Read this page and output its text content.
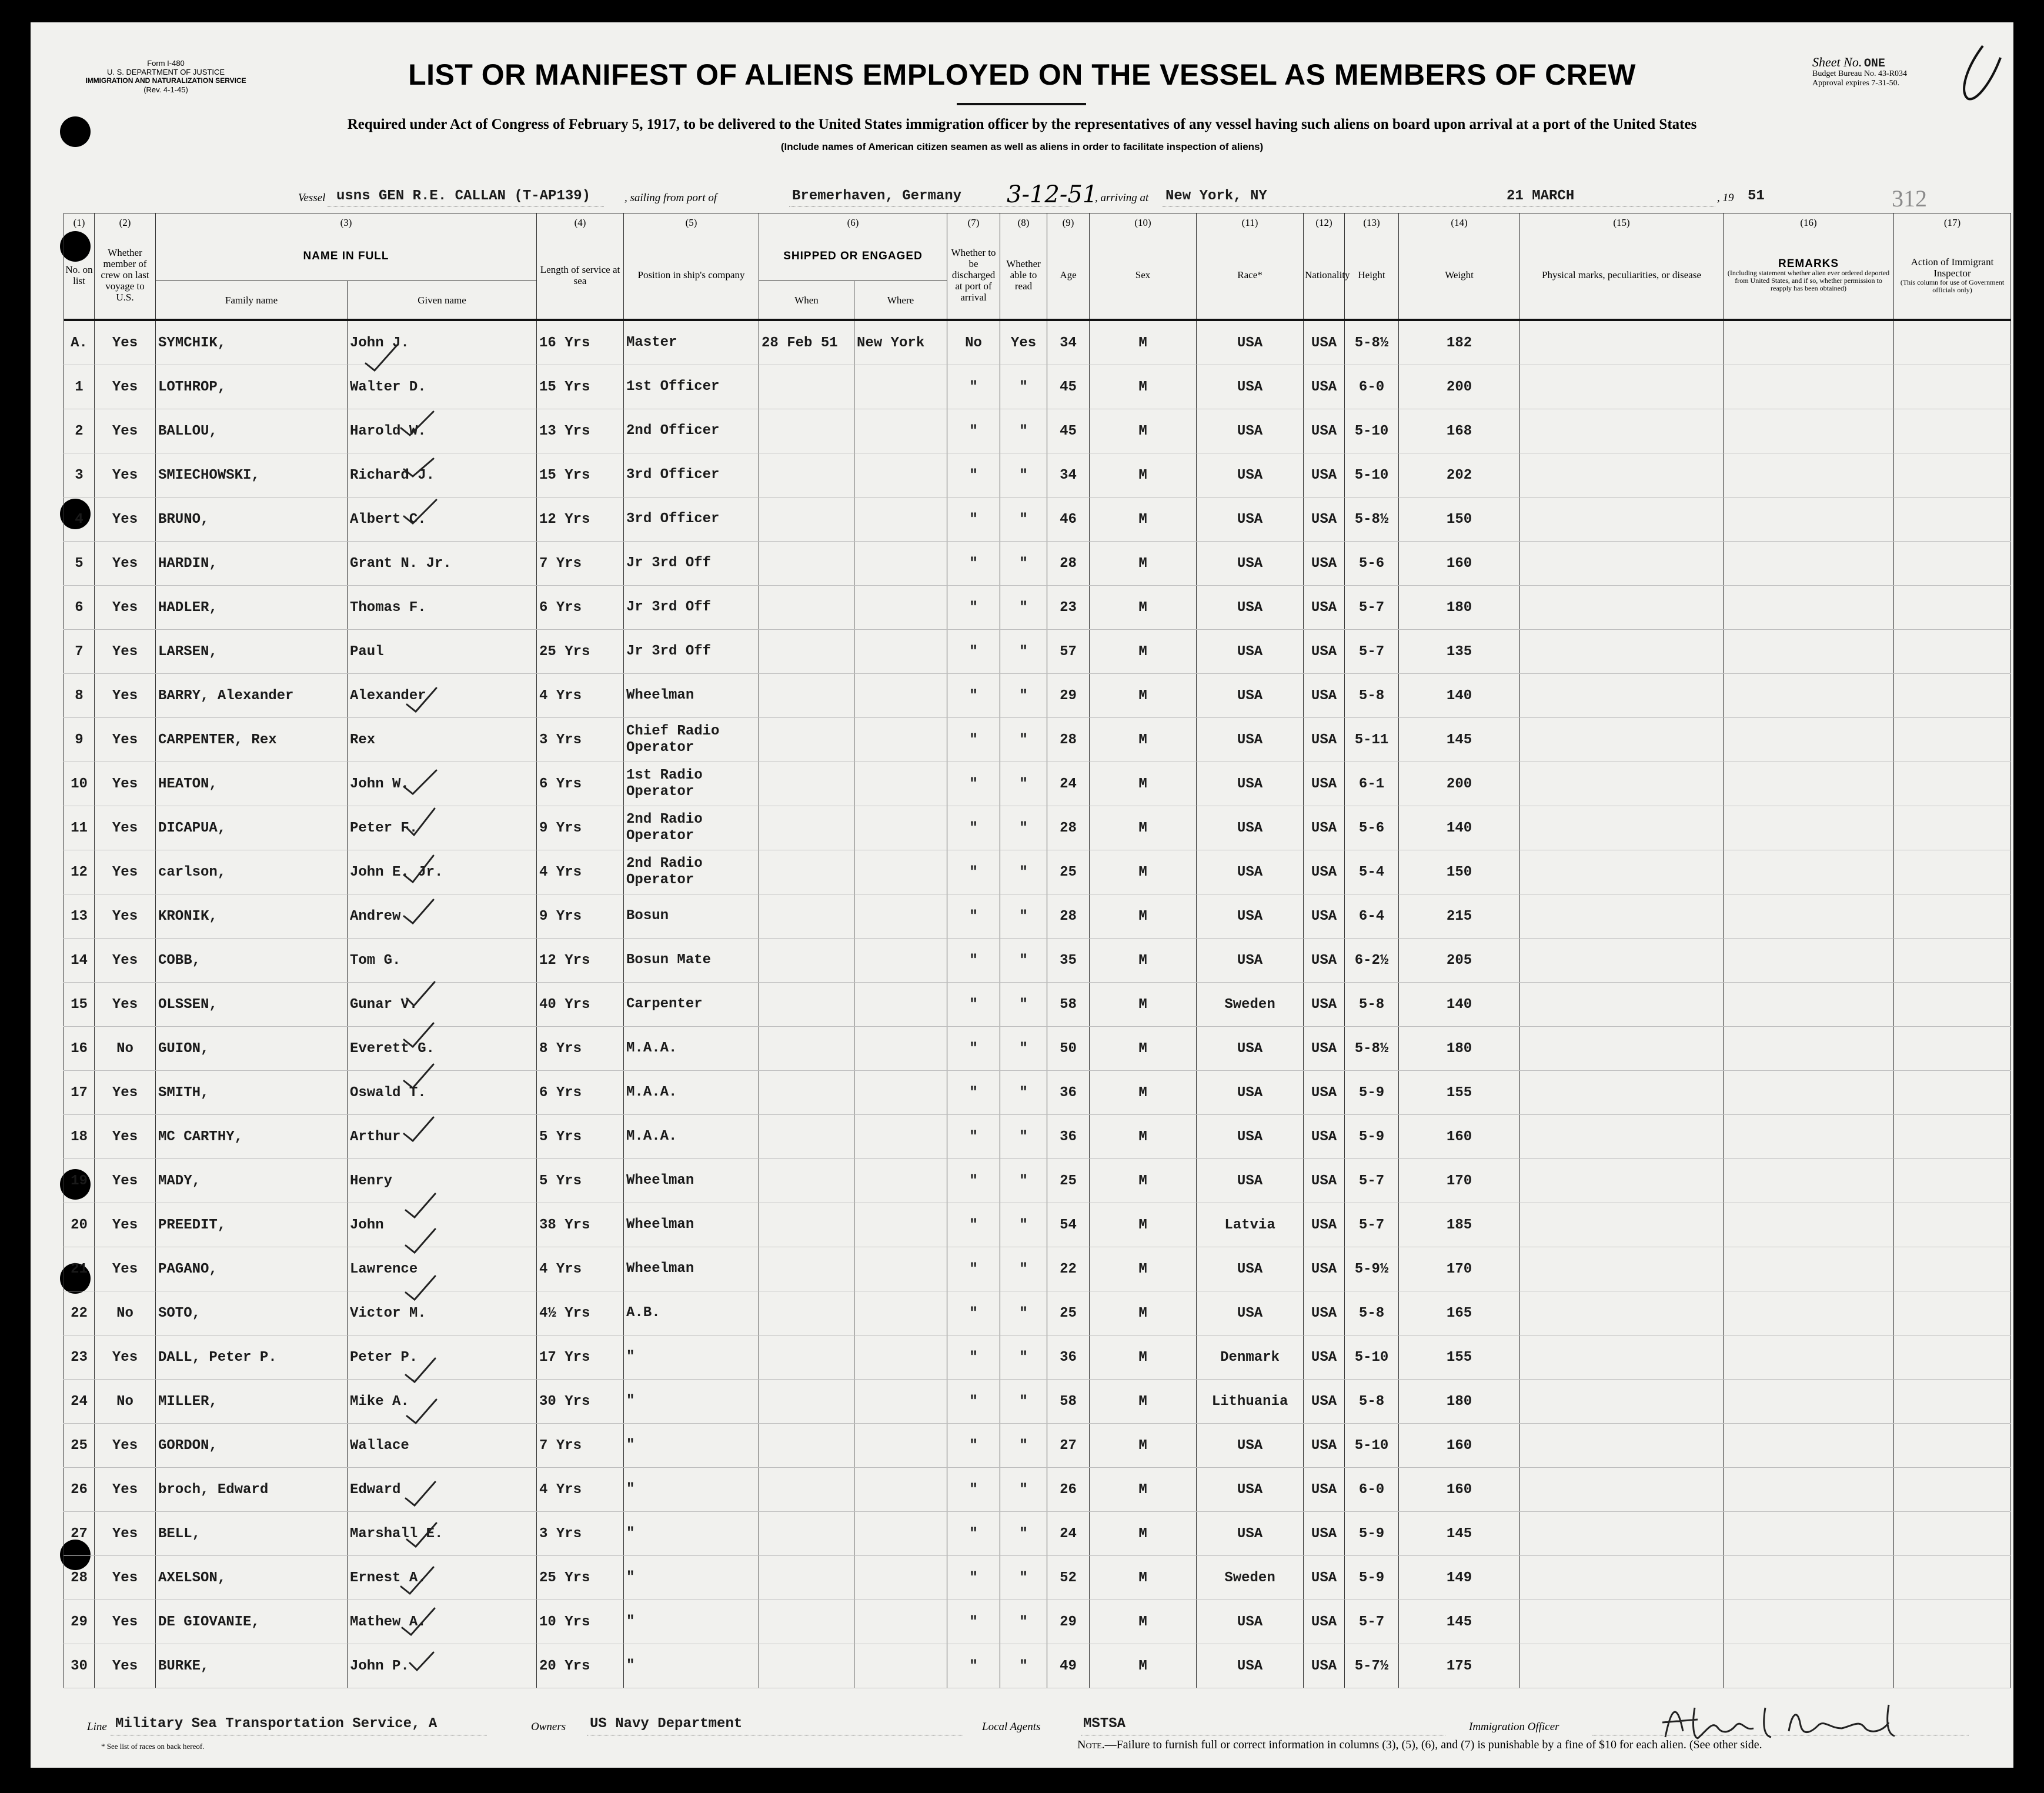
Form I-480
U. S. DEPARTMENT OF JUSTICE
IMMIGRATION AND NATURALIZATION SERVICE
(Rev. 4-1-45)	LIST OR MANIFEST OF ALIENS EMPLOYED ON THE VESSEL AS MEMBERS OF CREW
Required under Act of Congress of February 5, 1917, to be delivered to the United States immigration officer by the representatives of any vessel having such aliens on board upon arrival at a port of the United States
(Include names of American citizen seamen as well as aliens in order to facilitate inspection of aliens)
Sheet No. ONE
Budget Bureau No. 43-R034
Approval expires 7-31-50.
Vessel usns GEN R.E. CALLAN (T-AP139)	, sailing from port of	Bremerhaven, Germany 3-12-51
, arriving at New York, NY	21 MARCH	, 19 51	312
(1)	(2)	(3)		(4)	(5)	(6)		(7)	(8)	(9)	(10)	(11)	(12)	(13)	(14)	(15)	(16)	(17)
No. on list	Whether member of crew on last voyage to U.S.	NAME IN FULL		Length of service at sea	Position in ship's company	SHIPPED OR ENGAGED		Whether to be discharged at port of arrival	Whether able to read	Age	Sex	Race*	Nationality	Height	Weight	Physical marks, peculiarities, or disease	REMARKS
(Including statement whether alien ever ordered deported from United States, and if so, whether permission to reapply has been obtained)	Action of Immigrant Inspector
(This column for use of Government officials only)

		Family name	Given name			When	Where											
A.	Yes	SYMCHIK,	John J.	16 Yrs	Master	28 Feb 51	New York	No	Yes	34	M	USA	USA	5-8½	182			
1	Yes	LOTHROP,	Walter D.	15 Yrs	1st Officer			"	"	45	M	USA	USA	6-0	200			
2	Yes	BALLOU,	Harold W.	13 Yrs	2nd Officer			"	"	45	M	USA	USA	5-10	168			
3	Yes	SMIECHOWSKI,	Richard J.	15 Yrs	3rd Officer			"	"	34	M	USA	USA	5-10	202			
4	Yes	BRUNO,	Albert C.	12 Yrs	3rd Officer			"	"	46	M	USA	USA	5-8½	150			
5	Yes	HARDIN,	Grant N. Jr.	7 Yrs	Jr 3rd Off			"	"	28	M	USA	USA	5-6	160			
6	Yes	HADLER,	Thomas F.	6 Yrs	Jr 3rd Off			"	"	23	M	USA	USA	5-7	180			
7	Yes	LARSEN,	Paul	25 Yrs	Jr 3rd Off			"	"	57	M	USA	USA	5-7	135			
8	Yes	BARRY, Alexander	Alexander	4 Yrs	Wheelman			"	"	29	M	USA	USA	5-8	140			
9	Yes	CARPENTER, Rex	Rex	3 Yrs	Chief Radio Operator			"	"	28	M	USA	USA	5-11	145			
10	Yes	HEATON,	John W.	6 Yrs	1st Radio Operator			"	"	24	M	USA	USA	6-1	200			
11	Yes	DICAPUA,	Peter F.	9 Yrs	2nd Radio Operator			"	"	28	M	USA	USA	5-6	140			
12	Yes	carlson,	John E. Jr.	4 Yrs	2nd Radio Operator			"	"	25	M	USA	USA	5-4	150			
13	Yes	KRONIK,	Andrew	9 Yrs	Bosun			"	"	28	M	USA	USA	6-4	215			
14	Yes	COBB,	Tom G.	12 Yrs	Bosun Mate			"	"	35	M	USA	USA	6-2½	205			
15	Yes	OLSSEN,	Gunar V.	40 Yrs	Carpenter			"	"	58	M	Sweden	USA	5-8	140			
16	No	GUION,	Everett G.	8 Yrs	M.A.A.			"	"	50	M	USA	USA	5-8½	180			
17	Yes	SMITH,	Oswald T.	6 Yrs	M.A.A.			"	"	36	M	USA	USA	5-9	155			
18	Yes	MC CARTHY,	Arthur	5 Yrs	M.A.A.			"	"	36	M	USA	USA	5-9	160			
19	Yes	MADY,	Henry	5 Yrs	Wheelman			"	"	25	M	USA	USA	5-7	170			
20	Yes	PREEDIT,	John	38 Yrs	Wheelman			"	"	54	M	Latvia	USA	5-7	185			
21	Yes	PAGANO,	Lawrence	4 Yrs	Wheelman			"	"	22	M	USA	USA	5-9½	170			
22	No	SOTO,	Victor M.	4½ Yrs	A.B.			"	"	25	M	USA	USA	5-8	165			
23	Yes	DALL, Peter P.	Peter P.	17 Yrs	"			"	"	36	M	Denmark	USA	5-10	155			
24	No	MILLER,	Mike A.	30 Yrs	"			"	"	58	M	Lithuania	USA	5-8	180			
25	Yes	GORDON,	Wallace	7 Yrs	"			"	"	27	M	USA	USA	5-10	160			
26	Yes	broch, Edward	Edward	4 Yrs	"			"	"	26	M	USA	USA	6-0	160			
27	Yes	BELL,	Marshall E.	3 Yrs	"			"	"	24	M	USA	USA	5-9	145			
28	Yes	AXELSON,	Ernest A.	25 Yrs	"			"	"	52	M	Sweden	USA	5-9	149			
29	Yes	DE GIOVANIE,	Mathew A.	10 Yrs	"			"	"	29	M	USA	USA	5-7	145			
30	Yes	BURKE,	John P.	20 Yrs	"			"	"	49	M	USA	USA	5-7½	175			
Line Military Sea Transportation Service, A	Owners US Navy Department	Local Agents	MSTSA	Immigration Officer
* See list of races on back hereof.	Note.—Failure to furnish full or correct information in columns (3), (5), (6), and (7) is punishable by a fine of $10 for each alien. (See other side.
